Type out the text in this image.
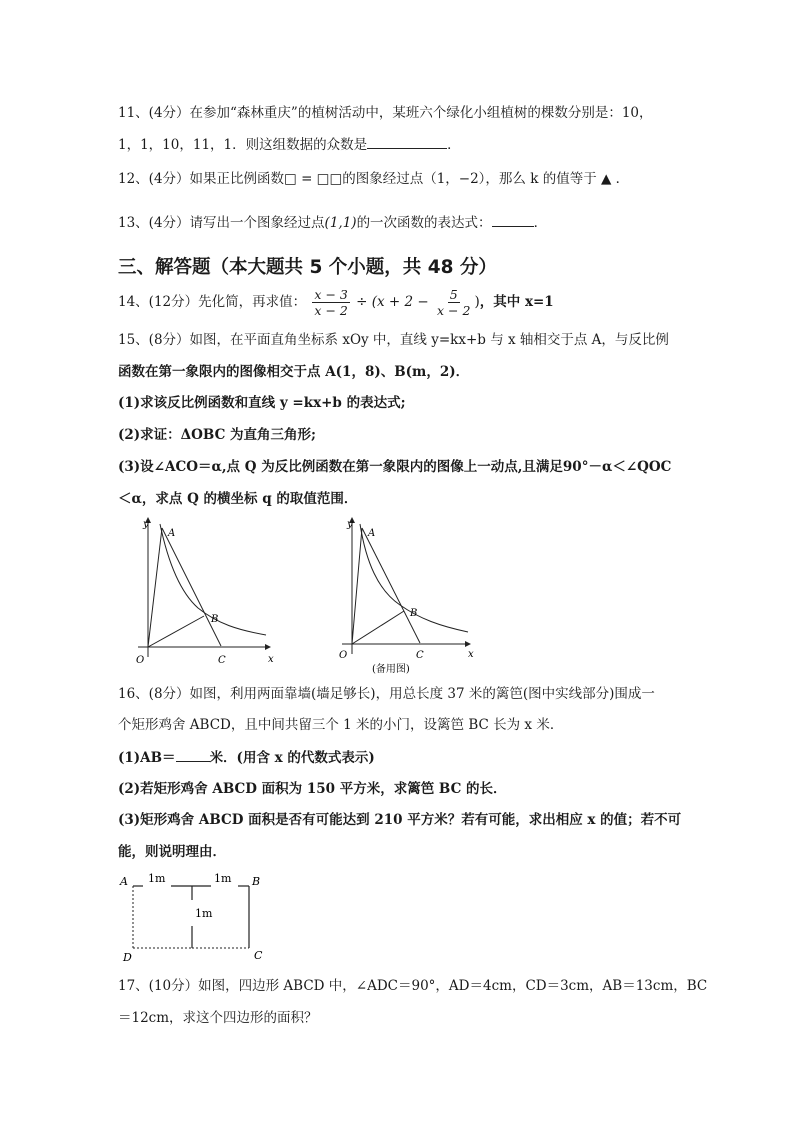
11、(4分）在参加“森林重庆”的植树活动中，某班六个绿化小组植树的棵数分别是：10，
1，1，10，11，1．则这组数据的众数是	．
12、(4分）如果正比例函数□ = □□的图象经过点（1，−2），那么 k 的值等于 ▲ ．
13、(4分）请写出一个图象经过点(1,1)的一次函数的表达式：	．
三、解答题（本大题共 5 个小题，共 48 分）
14、(12分）先化简，再求值： $\frac{x - 3}{x - 2} \div (x + 2 - \frac{5}{x - 2}$ )，其中 x=1
15、(8分）如图，在平面直角坐标系 xOy 中，直线 y=kx+b 与 x 轴相交于点 A，与反比例
函数在第一象限内的图像相交于点 A(1，8)、B(m，2)．
(1)求该反比例函数和直线 y =kx+b 的表达式;
(2)求证：ΔOBC 为直角三角形;
(3)设∠ACO＝α,点 Q 为反比例函数在第一象限内的图像上一动点,且满足90°－α＜∠QOC
＜α，求点 Q 的横坐标 q 的取值范围．
y
x
O
A
B
C
y
x
O
A
B
C
(备用图)
16、(8分）如图，利用两面靠墙(墙足够长)，用总长度 37 米的篱笆(图中实线部分)围成一
个矩形鸡舍 ABCD，且中间共留三个 1 米的小门，设篱笆 BC 长为 x 米．
(1)AB＝	米．(用含 x 的代数式表示)
(2)若矩形鸡舍 ABCD 面积为 150 平方米，求篱笆 BC 的长．
(3)矩形鸡舍 ABCD 面积是否有可能达到 210 平方米？若有可能，求出相应 x 的值；若不可
能，则说明理由．
A	B
C
D
1m	1m
1m
17、(10分）如图，四边形 ABCD 中，∠ADC＝90°，AD＝4cm，CD＝3cm，AB＝13cm，BC
＝12cm，求这个四边形的面积？
